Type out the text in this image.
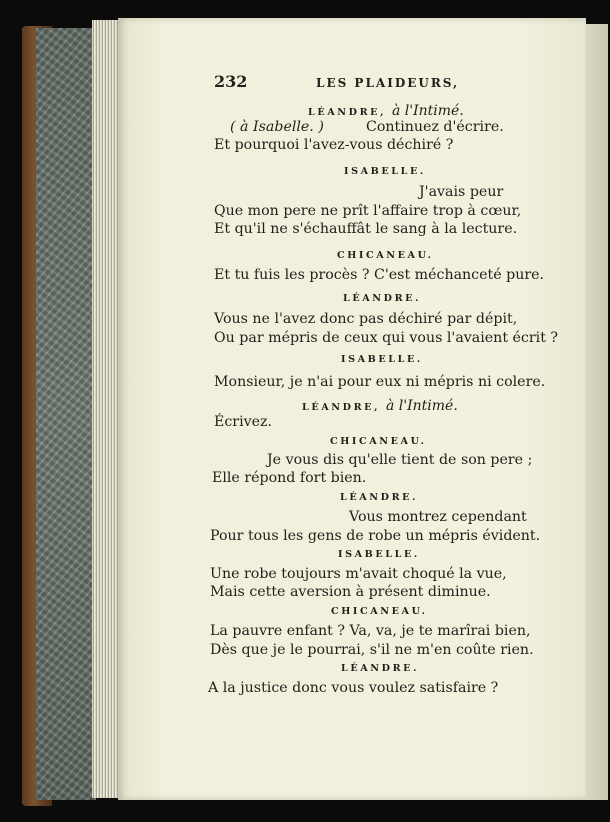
232	LES PLAIDEURS,
LÉANDRE, à l'Intimé.
( à Isabelle. )	Continuez d'écrire.
Et pourquoi l'avez-vous déchiré ?
ISABELLE.
J'avais peur
Que mon pere ne prît l'affaire trop à cœur,
Et qu'il ne s'échauffât le sang à la lecture.
CHICANEAU.
Et tu fuis les procès ? C'est méchanceté pure.
LÉANDRE.
Vous ne l'avez donc pas déchiré par dépit,
Ou par mépris de ceux qui vous l'avaient écrit ?
ISABELLE.
Monsieur, je n'ai pour eux ni mépris ni colere.
LÉANDRE, à l'Intimé.
Écrivez.
CHICANEAU.
Je vous dis qu'elle tient de son pere ;
Elle répond fort bien.
LÉANDRE.
Vous montrez cependant
Pour tous les gens de robe un mépris évident.
ISABELLE.
Une robe toujours m'avait choqué la vue,
Mais cette aversion à présent diminue.
CHICANEAU.
La pauvre enfant ? Va, va, je te marîrai bien,
Dès que je le pourrai, s'il ne m'en coûte rien.
LÉANDRE.
A la justice donc vous voulez satisfaire ?
